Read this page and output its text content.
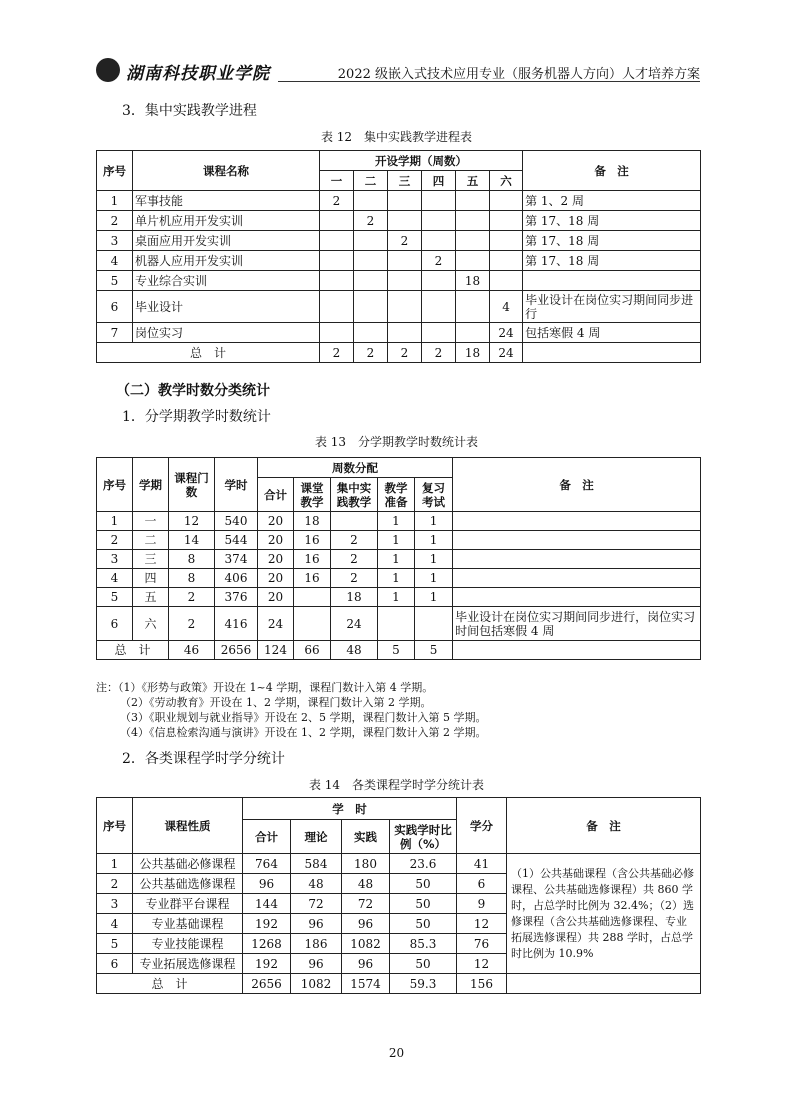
湖南科技职业学院	2022 级嵌入式技术应用专业（服务机器人方向）人才培养方案
3．集中实践教学进程
表 12　集中实践教学进程表
序号	课程名称	开设学期（周数）						备　注
		一	二	三	四	五	六	
1	军事技能	2						第 1、2 周
2	单片机应用开发实训		2					第 17、18 周
3	桌面应用开发实训			2				第 17、18 周
4	机器人应用开发实训				2			第 17、18 周
5	专业综合实训					18		
6	毕业设计						4	毕业设计在岗位实习期间同步进行
7	岗位实习						24	包括寒假 4 周
总　计		2	2	2	2	18	24	
（二）教学时数分类统计
1．分学期教学时数统计
表 13　分学期教学时数统计表
序号	学期	课程门数	学时	周数分配					备　注
				合计	课堂教学	集中实践教学	教学准备	复习考试	
1	一	12	540	20	18		1	1	
2	二	14	544	20	16	2	1	1	
3	三	8	374	20	16	2	1	1	
4	四	8	406	20	16	2	1	1	
5	五	2	376	20		18	1	1	
6	六	2	416	24		24			毕业设计在岗位实习期间同步进行，岗位实习时间包括寒假 4 周
总　计		46	2656	124	66	48	5	5	
注：（1）《形势与政策》开设在 1~4 学期，课程门数计入第 4 学期。
（2）《劳动教育》开设在 1、2 学期，课程门数计入第 2 学期。
（3）《职业规划与就业指导》开设在 2、5 学期，课程门数计入第 5 学期。
（4）《信息检索沟通与演讲》开设在 1、2 学期，课程门数计入第 2 学期。
2．各类课程学时学分统计
表 14　各类课程学时学分统计表
序号	课程性质	学　时				学分	备　注
		合计	理论	实践	实践学时比例（%）		
1	公共基础必修课程	764	584	180	23.6	41	（1）公共基础课程（含公共基础必修课程、公共基础选修课程）共 860 学时，占总学时比例为 32.4%；（2）选修课程（含公共基础选修课程、专业拓展选修课程）共 288 学时，占总学时比例为 10.9%
2	公共基础选修课程	96	48	48	50	6	
3	专业群平台课程	144	72	72	50	9	
4	专业基础课程	192	96	96	50	12	
5	专业技能课程	1268	186	1082	85.3	76	
6	专业拓展选修课程	192	96	96	50	12	
总　计		2656	1082	1574	59.3	156	
20
